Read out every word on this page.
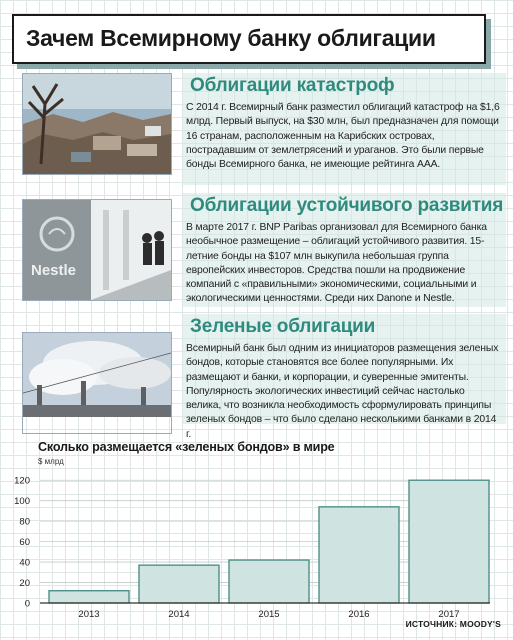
Зачем Всемирному банку облигации
Облигации катастроф
С 2014 г. Всемирный банк разместил облигаций катастроф на $1,6 млрд. Первый выпуск, на $30 млн, был предназначен для помощи 16 странам, расположенным на Карибских островах, пострадавшим от землетрясений и ураганов. Это были первые бонды Всемирного банка, не имеющие рейтинга ААА.
Nestle
Облигации устойчивого развития
В марте 2017 г. BNP Paribas организовал для Всемирного банка необычное размещение – облигаций устойчивого развития. 15-летние бонды на $107 млн выкупила небольшая группа европейских инвесторов. Средства пошли на продвижение компаний с «правильными» экономическими, социальными и экологическими ценностями. Среди них Danone и Nestle.
Зеленые облигации
Всемирный банк был одним из инициаторов размещения зеленых бондов, которые становятся все более популярными. Их размещают и банки, и корпорации, и суверенные эмитенты. Популярность экологических инвестиций сейчас настолько велика, что возникла необходимость сформулировать принципы зеленых бондов – что было сделано несколькими банками в 2014 г.
Сколько размещается «зеленых бондов» в мире
$ млрд
0
20
40
60
80
100
120
2013	2014	2015	2016	2017
ИСТОЧНИК: MOODY'S
